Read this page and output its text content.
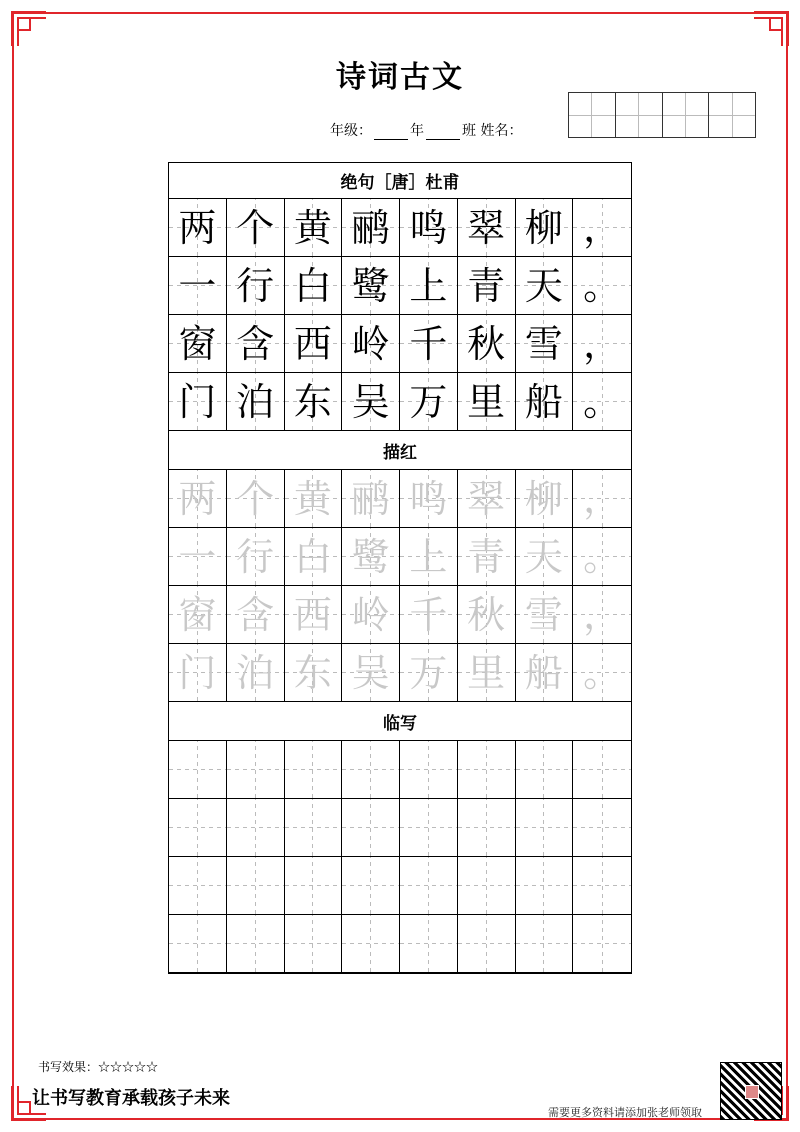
诗词古文
年级：	年	班 姓名：
绝句［唐］杜甫
两 个 黄 鹂 鸣 翠 柳 ，
一 行 白 鹭 上 青 天 。
窗 含 西 岭 千 秋 雪 ，
门 泊 东 吴 万 里 船 。
描红
两 个 黄 鹂 鸣 翠 柳 ，
一 行 白 鹭 上 青 天 。
窗 含 西 岭 千 秋 雪 ，
门 泊 东 吴 万 里 船 。
临写
书写效果：☆☆☆☆☆
让书写教育承载孩子未来
需要更多资料请添加张老师领取
